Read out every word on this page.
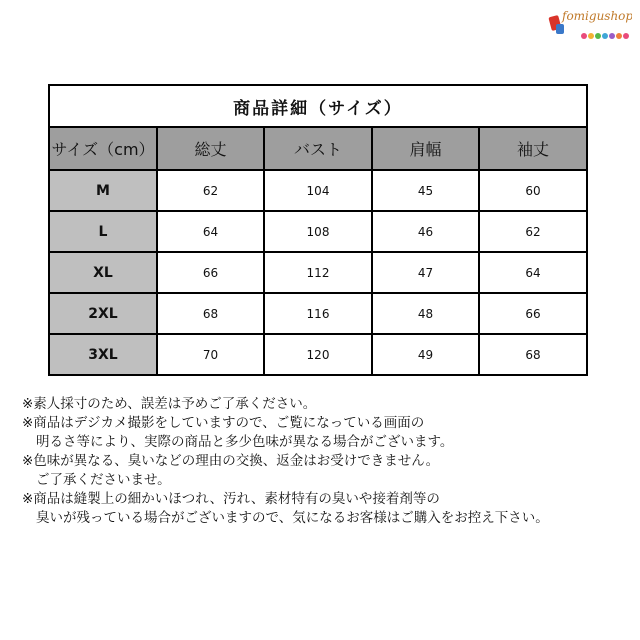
fomigushop
商品詳細（サイズ）				
サイズ（cm）	総丈	バスト	肩幅	袖丈
M	62	104	45	60
L	64	108	46	62
XL	66	112	47	64
2XL	68	116	48	66
3XL	70	120	49	68
※素人採寸のため、誤差は予めご了承ください。
※商品はデジカメ撮影をしていますので、ご覧になっている画面の
明るさ等により、実際の商品と多少色味が異なる場合がございます。
※色味が異なる、臭いなどの理由の交換、返金はお受けできません。
ご了承くださいませ。
※商品は縫製上の細かいほつれ、汚れ、素材特有の臭いや接着剤等の
臭いが残っている場合がございますので、気になるお客様はご購入をお控え下さい。
